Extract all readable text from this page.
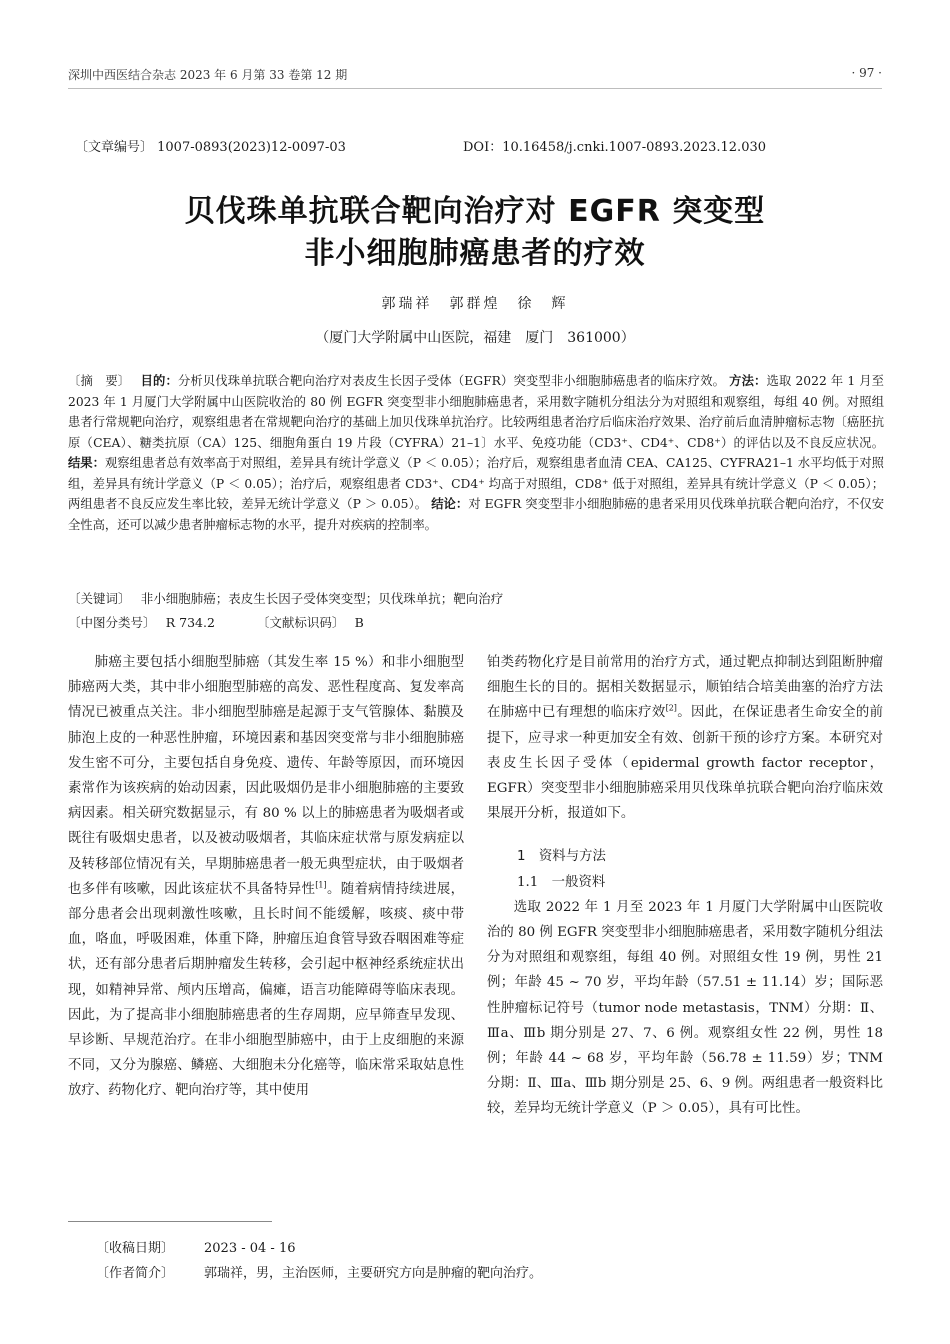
深圳中西医结合杂志 2023 年 6 月第 33 卷第 12 期	· 97 ·
〔文章编号〕 1007-0893(2023)12-0097-03	DOI：10.16458/j.cnki.1007-0893.2023.12.030
贝伐珠单抗联合靶向治疗对 EGFR 突变型
非小细胞肺癌患者的疗效
郭瑞祥　郭群煌　徐　辉
（厦门大学附属中山医院，福建　厦门　361000）
〔摘　要〕　 目的：分析贝伐珠单抗联合靶向治疗对表皮生长因子受体（EGFR）突变型非小细胞肺癌患者的临床疗效。 方法：选取 2022 年 1 月至 2023 年 1 月厦门大学附属中山医院收治的 80 例 EGFR 突变型非小细胞肺癌患者，采用数字随机分组法分为对照组和观察组，每组 40 例。对照组患者行常规靶向治疗，观察组患者在常规靶向治疗的基础上加贝伐珠单抗治疗。比较两组患者治疗后临床治疗效果、治疗前后血清肿瘤标志物〔癌胚抗原（CEA）、糖类抗原（CA）125、细胞角蛋白 19 片段（CYFRA）21–1〕水平、免疫功能（CD3⁺、CD4⁺、CD8⁺）的评估以及不良反应状况。 结果：观察组患者总有效率高于对照组，差异具有统计学意义（P ＜ 0.05）；治疗后，观察组患者血清 CEA、CA125、CYFRA21–1 水平均低于对照组，差异具有统计学意义（P ＜ 0.05）；治疗后，观察组患者 CD3⁺、CD4⁺ 均高于对照组，CD8⁺ 低于对照组，差异具有统计学意义（P ＜ 0.05）；两组患者不良反应发生率比较，差异无统计学意义（P ＞ 0.05）。 结论：对 EGFR 突变型非小细胞肺癌的患者采用贝伐珠单抗联合靶向治疗，不仅安全性高，还可以减少患者肿瘤标志物的水平，提升对疾病的控制率。
〔关键词〕　 非小细胞肺癌；表皮生长因子受体突变型；贝伐珠单抗；靶向治疗
〔中图分类号〕　 R 734.2	〔文献标识码〕　 B

肺癌主要包括小细胞型肺癌（其发生率 15 %）和非小细胞型肺癌两大类，其中非小细胞型肺癌的高发、恶性程度高、复发率高情况已被重点关注。非小细胞型肺癌是起源于支气管腺体、黏膜及肺泡上皮的一种恶性肿瘤，环境因素和基因突变常与非小细胞肺癌发生密不可分，主要包括自身免疫、遗传、年龄等原因，而环境因素常作为该疾病的始动因素，因此吸烟仍是非小细胞肺癌的主要致病因素。相关研究数据显示，有 80 % 以上的肺癌患者为吸烟者或既往有吸烟史患者，以及被动吸烟者，其临床症状常与原发病症以及转移部位情况有关，早期肺癌患者一般无典型症状，由于吸烟者也多伴有咳嗽，因此该症状不具备特异性[1]。随着病情持续进展，部分患者会出现刺激性咳嗽，且长时间不能缓解，咳痰、痰中带血，咯血，呼吸困难，体重下降，肿瘤压迫食管导致吞咽困难等症状，还有部分患者后期肿瘤发生转移，会引起中枢神经系统症状出现，如精神异常、颅内压增高，偏瘫，语言功能障碍等临床表现。因此，为了提高非小细胞肺癌患者的生存周期，应早筛查早发现、早诊断、早规范治疗。在非小细胞型肺癌中，由于上皮细胞的来源不同，又分为腺癌、鳞癌、大细胞未分化癌等，临床常采取姑息性放疗、药物化疗、靶向治疗等，其中使用

铂类药物化疗是目前常用的治疗方式，通过靶点抑制达到阻断肿瘤细胞生长的目的。据相关数据显示，顺铂结合培美曲塞的治疗方法在肺癌中已有理想的临床疗效[2]。因此，在保证患者生命安全的前提下，应寻求一种更加安全有效、创新干预的诊疗方案。本研究对表皮生长因子受体（epidermal growth factor receptor，EGFR）突变型非小细胞肺癌采用贝伐珠单抗联合靶向治疗临床效果展开分析，报道如下。

1　资料与方法
1.1　一般资料

选取 2022 年 1 月至 2023 年 1 月厦门大学附属中山医院收治的 80 例 EGFR 突变型非小细胞肺癌患者，采用数字随机分组法分为对照组和观察组，每组 40 例。对照组女性 19 例，男性 21 例；年龄 45 ~ 70 岁，平均年龄（57.51 ± 11.14）岁；国际恶性肿瘤标记符号（tumor node metastasis，TNM）分期：Ⅱ、Ⅲa、Ⅲb 期分别是 27、7、6 例。观察组女性 22 例，男性 18 例；年龄 44 ~ 68 岁，平均年龄（56.78 ± 11.59）岁；TNM 分期：Ⅱ、Ⅲa、Ⅲb 期分别是 25、6、9 例。两组患者一般资料比较，差异均无统计学意义（P ＞ 0.05），具有可比性。

〔收稿日期〕 2023 - 04 - 16
〔作者简介〕 郭瑞祥，男，主治医师，主要研究方向是肿瘤的靶向治疗。
